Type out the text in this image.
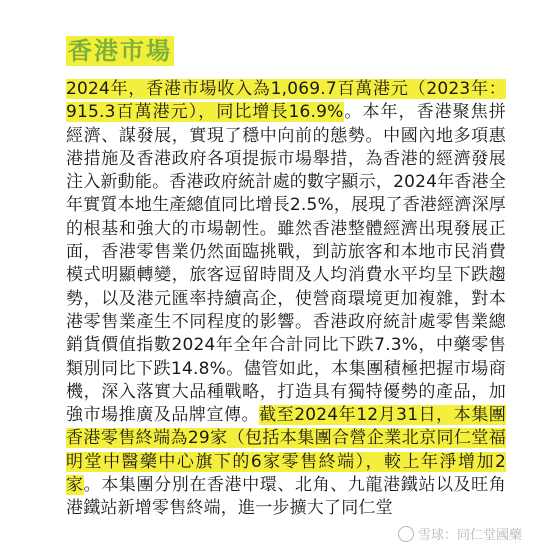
香港市場
2024年，香港市場收入為1,069.7百萬港元（2023年：915.3百萬港元），同比增長16.9%。本年，香港聚焦拼經濟、謀發展，實現了穩中向前的態勢。中國內地多項惠港措施及香港政府各項提振市場舉措，為香港的經濟發展注入新動能。香港政府統計處的數字顯示，2024年香港全年實質本地生產總值同比增長2.5%，展現了香港經濟深厚的根基和強大的市場韌性。雖然香港整體經濟出現發展正面，香港零售業仍然面臨挑戰，到訪旅客和本地市民消費模式明顯轉變，旅客逗留時間及人均消費水平均呈下跌趨勢，以及港元匯率持續高企，使營商環境更加複雜，對本港零售業產生不同程度的影響。香港政府統計處零售業總銷貨價值指數2024年全年合計同比下跌7.3%，中藥零售類別同比下跌14.8%。儘管如此，本集團積極把握市場商機，深入落實大品種戰略，打造具有獨特優勢的產品，加強市場推廣及品牌宣傳。截至2024年12月31日，本集團香港零售終端為29家（包括本集團合營企業北京同仁堂福明堂中醫藥中心旗下的6家零售終端），較上年淨增加2家。本集團分別在香港中環、北角、九龍港鐵站以及旺角港鐵站新增零售終端，進一步擴大了同仁堂
雪球：同仁堂國藥
